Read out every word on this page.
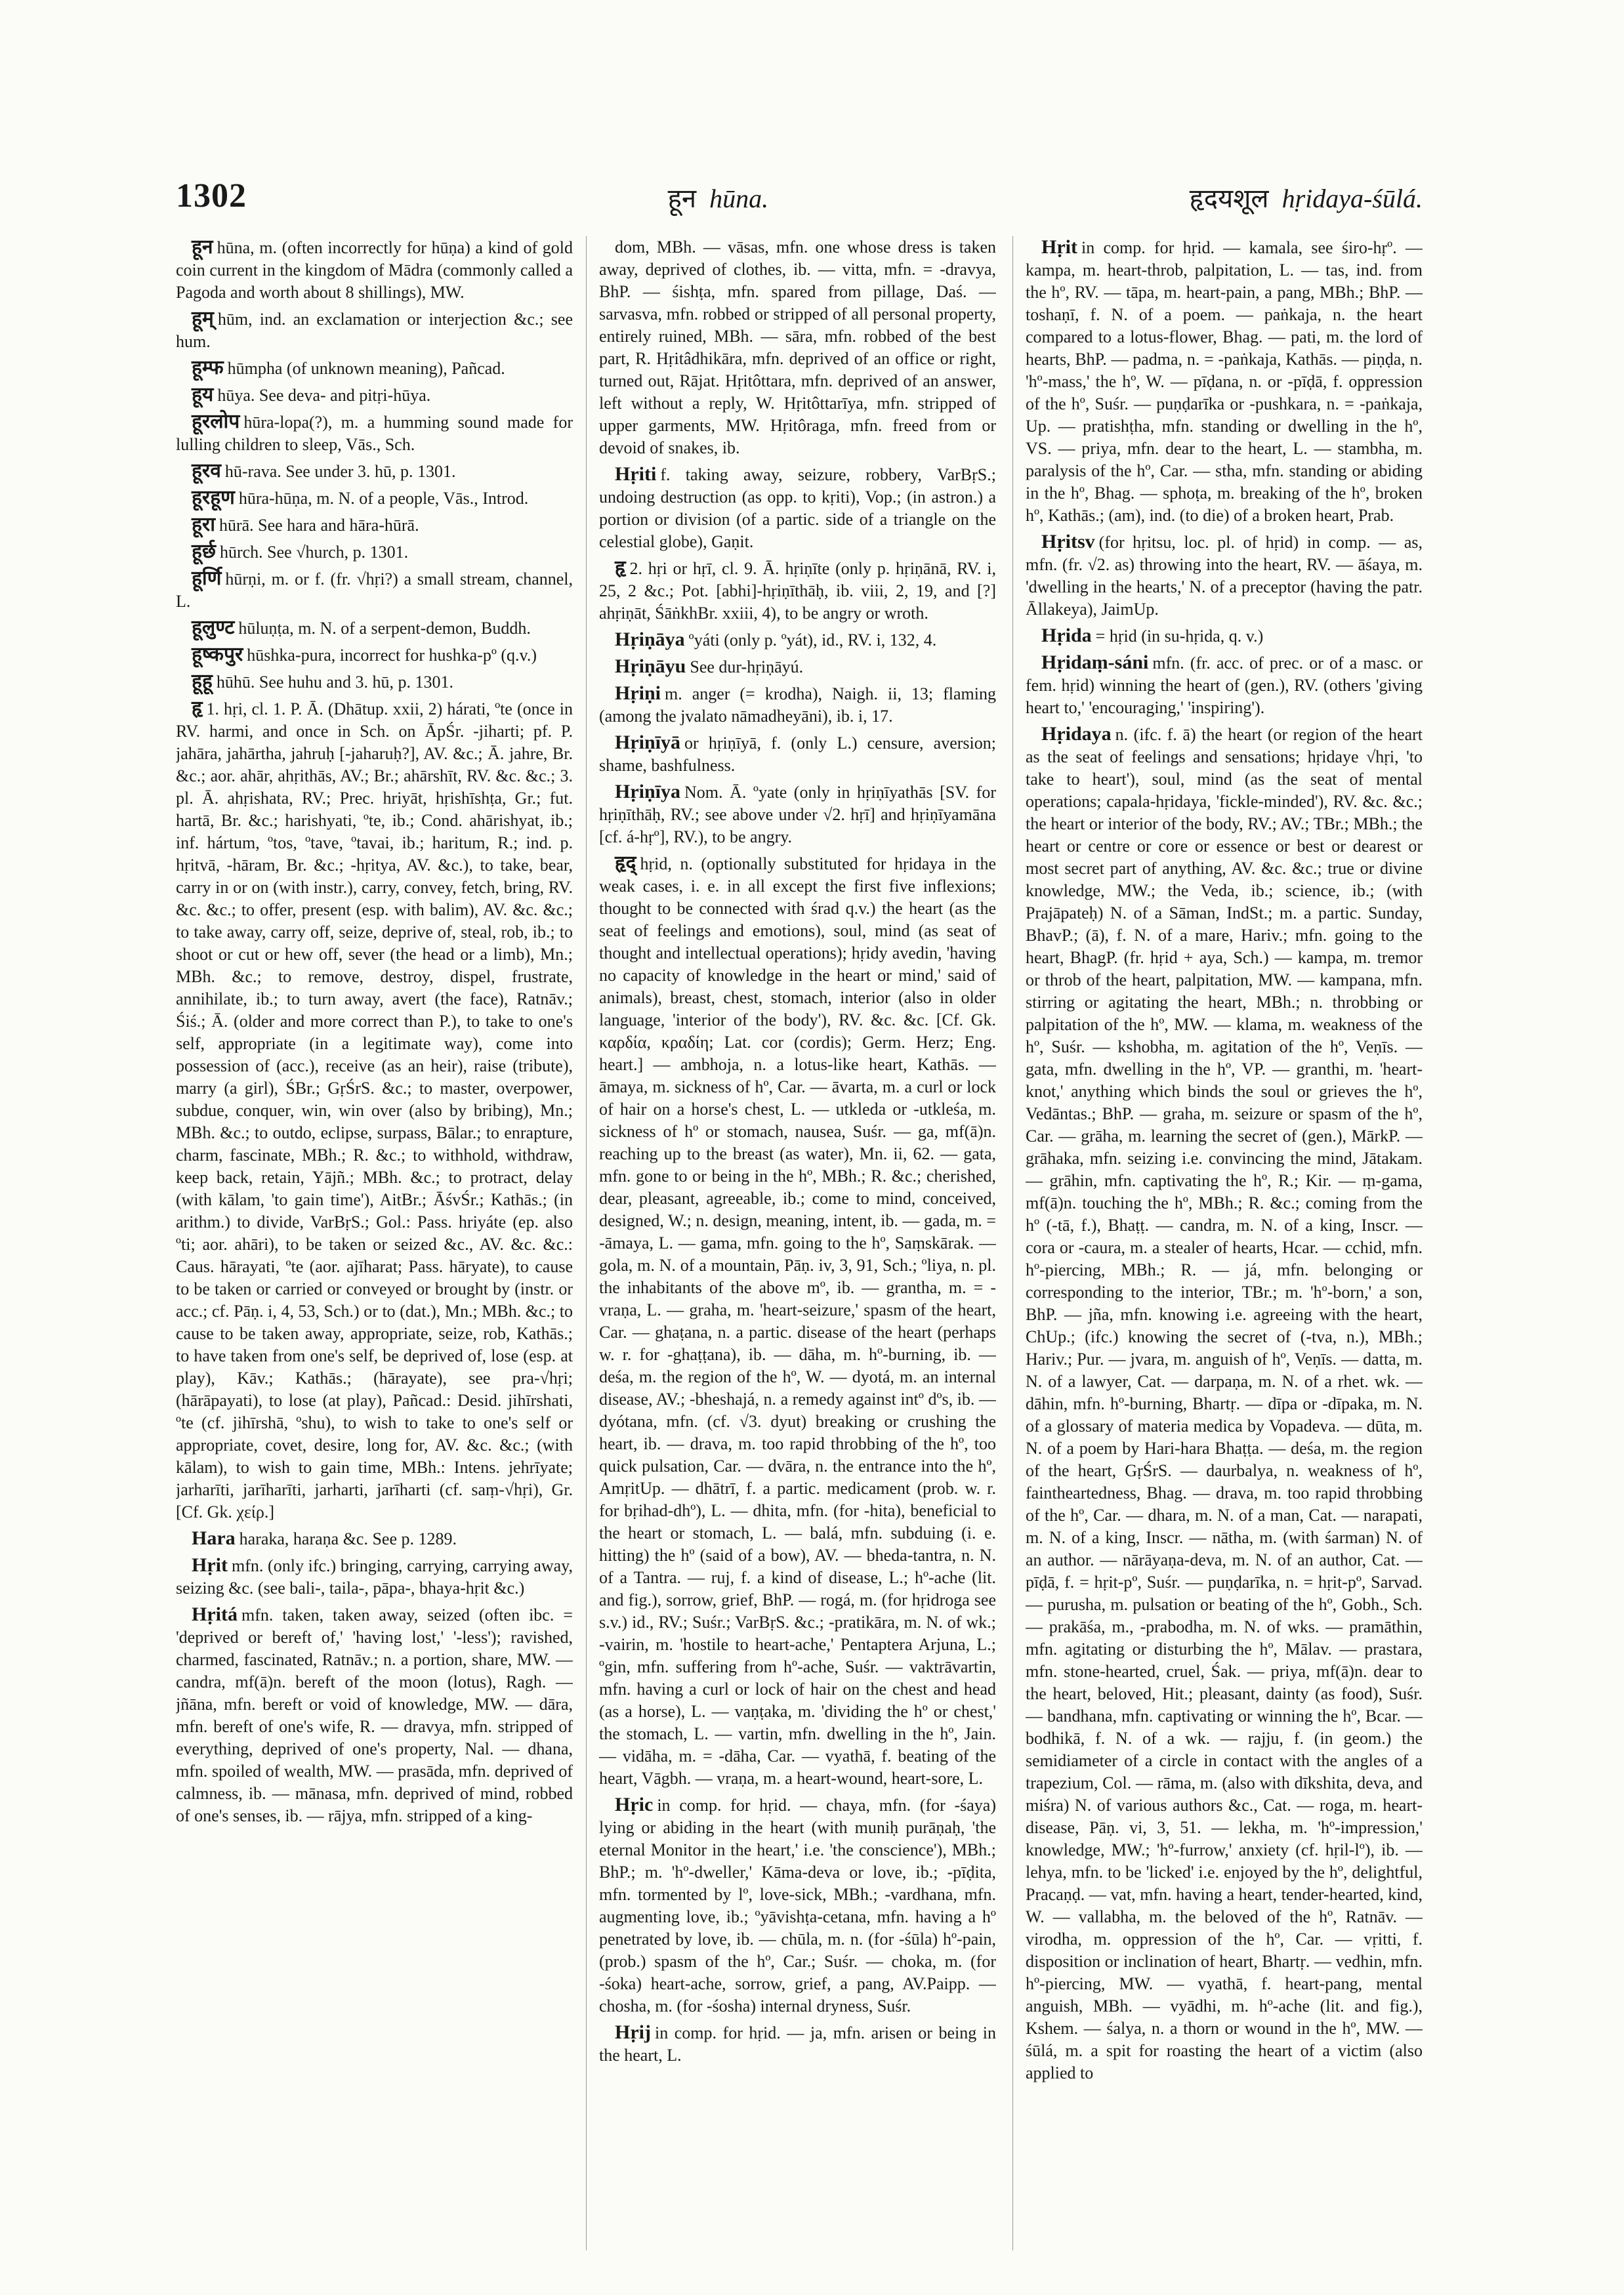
1302	हून hūna.	हृदयशूल hṛidaya-śūlá.

हून hūna, m. (often incorrectly for hūṇa) a kind of gold coin current in the kingdom of Mādra (commonly called a Pagoda and worth about 8 shillings), MW.

हूम् hūm, ind. an exclamation or interjection &c.; see hum.

हूम्फ hūmpha (of unknown meaning), Pañcad.

हूय hūya. See deva- and pitṛi-hūya.

हूरलोप hūra-lopa(?), m. a humming sound made for lulling children to sleep, Vās., Sch.

हूरव hū-rava. See under 3. hū, p. 1301.

हूरहूण hūra-hūṇa, m. N. of a people, Vās., Introd.

हूरा hūrā. See hara and hāra-hūrā.

हूर्छ hūrch. See √hurch, p. 1301.

हूर्णि hūrṇi, m. or f. (fr. √hṛi?) a small stream, channel, L.

हूलुण्ट hūluṇṭa, m. N. of a serpent-demon, Buddh.

हूष्कपुर hūshka-pura, incorrect for hushka-pº (q.v.)

हूहू hūhū. See huhu and 3. hū, p. 1301.

हृ 1. hṛi, cl. 1. P. Ā. (Dhātup. xxii, 2) hárati, ºte (once in RV. harmi, and once in Sch. on ĀpŚr. -jiharti; pf. P. jahāra, jahārtha, jahruḥ [-jaharuḥ?], AV. &c.; Ā. jahre, Br. &c.; aor. ahār, ahṛithās, AV.; Br.; ahārshīt, RV. &c. &c.; 3. pl. Ā. ahṛishata, RV.; Prec. hriyāt, hṛishīshṭa, Gr.; fut. hartā, Br. &c.; harishyati, ºte, ib.; Cond. ahārishyat, ib.; inf. hártum, ºtos, ºtave, ºtavai, ib.; haritum, R.; ind. p. hṛitvā, -hāram, Br. &c.; -hṛitya, AV. &c.), to take, bear, carry in or on (with instr.), carry, convey, fetch, bring, RV. &c. &c.; to offer, present (esp. with balim), AV. &c. &c.; to take away, carry off, seize, deprive of, steal, rob, ib.; to shoot or cut or hew off, sever (the head or a limb), Mn.; MBh. &c.; to remove, destroy, dispel, frustrate, annihilate, ib.; to turn away, avert (the face), Ratnāv.; Śiś.; Ā. (older and more correct than P.), to take to one's self, appropriate (in a legitimate way), come into possession of (acc.), receive (as an heir), raise (tribute), marry (a girl), ŚBr.; GṛŚrS. &c.; to master, overpower, subdue, conquer, win, win over (also by bribing), Mn.; MBh. &c.; to outdo, eclipse, surpass, Bālar.; to enrapture, charm, fascinate, MBh.; R. &c.; to withhold, withdraw, keep back, retain, Yājñ.; MBh. &c.; to protract, delay (with kālam, 'to gain time'), AitBr.; ĀśvŚr.; Kathās.; (in arithm.) to divide, VarBṛS.; Gol.: Pass. hriyáte (ep. also ºti; aor. ahāri), to be taken or seized &c., AV. &c. &c.: Caus. hārayati, ºte (aor. ajīharat; Pass. hāryate), to cause to be taken or carried or conveyed or brought by (instr. or acc.; cf. Pāṇ. i, 4, 53, Sch.) or to (dat.), Mn.; MBh. &c.; to cause to be taken away, appropriate, seize, rob, Kathās.; to have taken from one's self, be deprived of, lose (esp. at play), Kāv.; Kathās.; (hārayate), see pra-√hṛi; (hārāpayati), to lose (at play), Pañcad.: Desid. jihīrshati, ºte (cf. jihīrshā, ºshu), to wish to take to one's self or appropriate, covet, desire, long for, AV. &c. &c.; (with kālam), to wish to gain time, MBh.: Intens. jehrīyate; jarharīti, jarīharīti, jarharti, jarīharti (cf. saṃ-√hṛi), Gr. [Cf. Gk. χείρ.]

Hara haraka, haraṇa &c. See p. 1289.

Hṛit mfn. (only ifc.) bringing, carrying, carrying away, seizing &c. (see bali-, taila-, pāpa-, bhaya-hṛit &c.)

Hṛitá mfn. taken, taken away, seized (often ibc. = 'deprived or bereft of,' 'having lost,' '-less'); ravished, charmed, fascinated, Ratnāv.; n. a portion, share, MW. — candra, mf(ā)n. bereft of the moon (lotus), Ragh. — jñāna, mfn. bereft or void of knowledge, MW. — dāra, mfn. bereft of one's wife, R. — dravya, mfn. stripped of everything, deprived of one's property, Nal. — dhana, mfn. spoiled of wealth, MW. — prasāda, mfn. deprived of calmness, ib. — mānasa, mfn. deprived of mind, robbed of one's senses, ib. — rājya, mfn. stripped of a king-

dom, MBh. — vāsas, mfn. one whose dress is taken away, deprived of clothes, ib. — vitta, mfn. = -dravya, BhP. — śishṭa, mfn. spared from pillage, Daś. — sarvasva, mfn. robbed or stripped of all personal property, entirely ruined, MBh. — sāra, mfn. robbed of the best part, R. Hṛitâdhikāra, mfn. deprived of an office or right, turned out, Rājat. Hṛitôttara, mfn. deprived of an answer, left without a reply, W. Hṛitôttarīya, mfn. stripped of upper garments, MW. Hṛitôraga, mfn. freed from or devoid of snakes, ib.

Hṛiti f. taking away, seizure, robbery, VarBṛS.; undoing destruction (as opp. to kṛiti), Vop.; (in astron.) a portion or division (of a partic. side of a triangle on the celestial globe), Gaṇit.

हृ 2. hṛi or hṛī, cl. 9. Ā. hṛiṇīte (only p. hṛiṇānā, RV. i, 25, 2 &c.; Pot. [abhi]-hṛiṇīthāḥ, ib. viii, 2, 19, and [?] ahṛiṇāt, ŚāṅkhBr. xxiii, 4), to be angry or wroth.

Hṛiṇāya ºyáti (only p. ºyát), id., RV. i, 132, 4.

Hṛiṇāyu See dur-hṛiṇāyú.

Hṛiṇi m. anger (= krodha), Naigh. ii, 13; flaming (among the jvalato nāmadheyāni), ib. i, 17.

Hṛiṇīyā or hṛiṇīyā, f. (only L.) censure, aversion; shame, bashfulness.

Hṛiṇīya Nom. Ā. ºyate (only in hṛiṇīyathās [SV. for hṛiṇīthāḥ, RV.; see above under √2. hṛī] and hṛiṇīyamāna [cf. á-hṛº], RV.), to be angry.

हृद् hṛid, n. (optionally substituted for hṛidaya in the weak cases, i. e. in all except the first five inflexions; thought to be connected with śrad q.v.) the heart (as the seat of feelings and emotions), soul, mind (as seat of thought and intellectual operations); hṛidy avedin, 'having no capacity of knowledge in the heart or mind,' said of animals), breast, chest, stomach, interior (also in older language, 'interior of the body'), RV. &c. &c. [Cf. Gk. καρδία, κραδίη; Lat. cor (cordis); Germ. Herz; Eng. heart.] — ambhoja, n. a lotus-like heart, Kathās. — āmaya, m. sickness of hº, Car. — āvarta, m. a curl or lock of hair on a horse's chest, L. — utkleda or -utkleśa, m. sickness of hº or stomach, nausea, Suśr. — ga, mf(ā)n. reaching up to the breast (as water), Mn. ii, 62. — gata, mfn. gone to or being in the hº, MBh.; R. &c.; cherished, dear, pleasant, agreeable, ib.; come to mind, conceived, designed, W.; n. design, meaning, intent, ib. — gada, m. = -āmaya, L. — gama, mfn. going to the hº, Saṃskārak. — gola, m. N. of a mountain, Pāṇ. iv, 3, 91, Sch.; ºliya, n. pl. the inhabitants of the above mº, ib. — grantha, m. = -vraṇa, L. — graha, m. 'heart-seizure,' spasm of the heart, Car. — ghaṭana, n. a partic. disease of the heart (perhaps w. r. for -ghaṭṭana), ib. — dāha, m. hº-burning, ib. — deśa, m. the region of the hº, W. — dyotá, m. an internal disease, AV.; -bheshajá, n. a remedy against intº dºs, ib. — dyótana, mfn. (cf. √3. dyut) breaking or crushing the heart, ib. — drava, m. too rapid throbbing of the hº, too quick pulsation, Car. — dvāra, n. the entrance into the hº, AmṛitUp. — dhātrī, f. a partic. medicament (prob. w. r. for bṛihad-dhº), L. — dhita, mfn. (for -hita), beneficial to the heart or stomach, L. — balá, mfn. subduing (i. e. hitting) the hº (said of a bow), AV. — bheda-tantra, n. N. of a Tantra. — ruj, f. a kind of disease, L.; hº-ache (lit. and fig.), sorrow, grief, BhP. — rogá, m. (for hṛidroga see s.v.) id., RV.; Suśr.; VarBṛS. &c.; -pratikāra, m. N. of wk.; -vairin, m. 'hostile to heart-ache,' Pentaptera Arjuna, L.; ºgin, mfn. suffering from hº-ache, Suśr. — vaktrāvartin, mfn. having a curl or lock of hair on the chest and head (as a horse), L. — vaṇṭaka, m. 'dividing the hº or chest,' the stomach, L. — vartin, mfn. dwelling in the hº, Jain. — vidāha, m. = -dāha, Car. — vyathā, f. beating of the heart, Vāgbh. — vraṇa, m. a heart-wound, heart-sore, L.

Hṛic in comp. for hṛid. — chaya, mfn. (for -śaya) lying or abiding in the heart (with muniḥ purāṇaḥ, 'the eternal Monitor in the heart,' i.e. 'the conscience'), MBh.; BhP.; m. 'hº-dweller,' Kāma-deva or love, ib.; -pīḍita, mfn. tormented by lº, love-sick, MBh.; -vardhana, mfn. augmenting love, ib.; ºyāvishṭa-cetana, mfn. having a hº penetrated by love, ib. — chūla, m. n. (for -śūla) hº-pain, (prob.) spasm of the hº, Car.; Suśr. — choka, m. (for -śoka) heart-ache, sorrow, grief, a pang, AV.Paipp. — chosha, m. (for -śosha) internal dryness, Suśr.

Hṛij in comp. for hṛid. — ja, mfn. arisen or being in the heart, L.

Hṛit in comp. for hṛid. — kamala, see śiro-hṛº. — kampa, m. heart-throb, palpitation, L. — tas, ind. from the hº, RV. — tāpa, m. heart-pain, a pang, MBh.; BhP. — toshaṇī, f. N. of a poem. — paṅkaja, n. the heart compared to a lotus-flower, Bhag. — pati, m. the lord of hearts, BhP. — padma, n. = -paṅkaja, Kathās. — piṇḍa, n. 'hº-mass,' the hº, W. — pīḍana, n. or -pīḍā, f. oppression of the hº, Suśr. — puṇḍarīka or -pushkara, n. = -paṅkaja, Up. — pratishṭha, mfn. standing or dwelling in the hº, VS. — priya, mfn. dear to the heart, L. — stambha, m. paralysis of the hº, Car. — stha, mfn. standing or abiding in the hº, Bhag. — sphoṭa, m. breaking of the hº, broken hº, Kathās.; (am), ind. (to die) of a broken heart, Prab.

Hṛitsv (for hṛitsu, loc. pl. of hṛid) in comp. — as, mfn. (fr. √2. as) throwing into the heart, RV. — āśaya, m. 'dwelling in the hearts,' N. of a preceptor (having the patr. Āllakeya), JaimUp.

Hṛida = hṛid (in su-hṛida, q. v.)

Hṛidaṃ-sáni mfn. (fr. acc. of prec. or of a masc. or fem. hṛid) winning the heart of (gen.), RV. (others 'giving heart to,' 'encouraging,' 'inspiring').

Hṛidaya n. (ifc. f. ā) the heart (or region of the heart as the seat of feelings and sensations; hṛidaye √hṛi, 'to take to heart'), soul, mind (as the seat of mental operations; capala-hṛidaya, 'fickle-minded'), RV. &c. &c.; the heart or interior of the body, RV.; AV.; TBr.; MBh.; the heart or centre or core or essence or best or dearest or most secret part of anything, AV. &c. &c.; true or divine knowledge, MW.; the Veda, ib.; science, ib.; (with Prajāpateḥ) N. of a Sāman, IndSt.; m. a partic. Sunday, BhavP.; (ā), f. N. of a mare, Hariv.; mfn. going to the heart, BhagP. (fr. hṛid + aya, Sch.) — kampa, m. tremor or throb of the heart, palpitation, MW. — kampana, mfn. stirring or agitating the heart, MBh.; n. throbbing or palpitation of the hº, MW. — klama, m. weakness of the hº, Suśr. — kshobha, m. agitation of the hº, Veṇīs. — gata, mfn. dwelling in the hº, VP. — granthi, m. 'heart-knot,' anything which binds the soul or grieves the hº, Vedāntas.; BhP. — graha, m. seizure or spasm of the hº, Car. — grāha, m. learning the secret of (gen.), MārkP. — grāhaka, mfn. seizing i.e. convincing the mind, Jātakam. — grāhin, mfn. captivating the hº, R.; Kir. — ṃ-gama, mf(ā)n. touching the hº, MBh.; R. &c.; coming from the hº (-tā, f.), Bhaṭṭ. — candra, m. N. of a king, Inscr. — cora or -caura, m. a stealer of hearts, Hcar. — cchid, mfn. hº-piercing, MBh.; R. — já, mfn. belonging or corresponding to the interior, TBr.; m. 'hº-born,' a son, BhP. — jña, mfn. knowing i.e. agreeing with the heart, ChUp.; (ifc.) knowing the secret of (-tva, n.), MBh.; Hariv.; Pur. — jvara, m. anguish of hº, Veṇīs. — datta, m. N. of a lawyer, Cat. — darpaṇa, m. N. of a rhet. wk. — dāhin, mfn. hº-burning, Bhartṛ. — dīpa or -dīpaka, m. N. of a glossary of materia medica by Vopadeva. — dūta, m. N. of a poem by Hari-hara Bhaṭṭa. — deśa, m. the region of the heart, GṛŚrS. — daurbalya, n. weakness of hº, faintheartedness, Bhag. — drava, m. too rapid throbbing of the hº, Car. — dhara, m. N. of a man, Cat. — narapati, m. N. of a king, Inscr. — nātha, m. (with śarman) N. of an author. — nārāyaṇa-deva, m. N. of an author, Cat. — pīḍā, f. = hṛit-pº, Suśr. — puṇḍarīka, n. = hṛit-pº, Sarvad. — purusha, m. pulsation or beating of the hº, Gobh., Sch. — prakāśa, m., -prabodha, m. N. of wks. — pramāthin, mfn. agitating or disturbing the hº, Mālav. — prastara, mfn. stone-hearted, cruel, Śak. — priya, mf(ā)n. dear to the heart, beloved, Hit.; pleasant, dainty (as food), Suśr. — bandhana, mfn. captivating or winning the hº, Bcar. — bodhikā, f. N. of a wk. — rajju, f. (in geom.) the semidiameter of a circle in contact with the angles of a trapezium, Col. — rāma, m. (also with dīkshita, deva, and miśra) N. of various authors &c., Cat. — roga, m. heart-disease, Pāṇ. vi, 3, 51. — lekha, m. 'hº-impression,' knowledge, MW.; 'hº-furrow,' anxiety (cf. hṛil-lº), ib. — lehya, mfn. to be 'licked' i.e. enjoyed by the hº, delightful, Pracaṇḍ. — vat, mfn. having a heart, tender-hearted, kind, W. — vallabha, m. the beloved of the hº, Ratnāv. — virodha, m. oppression of the hº, Car. — vṛitti, f. disposition or inclination of heart, Bhartṛ. — vedhin, mfn. hº-piercing, MW. — vyathā, f. heart-pang, mental anguish, MBh. — vyādhi, m. hº-ache (lit. and fig.), Kshem. — śalya, n. a thorn or wound in the hº, MW. — śūlá, m. a spit for roasting the heart of a victim (also applied to
